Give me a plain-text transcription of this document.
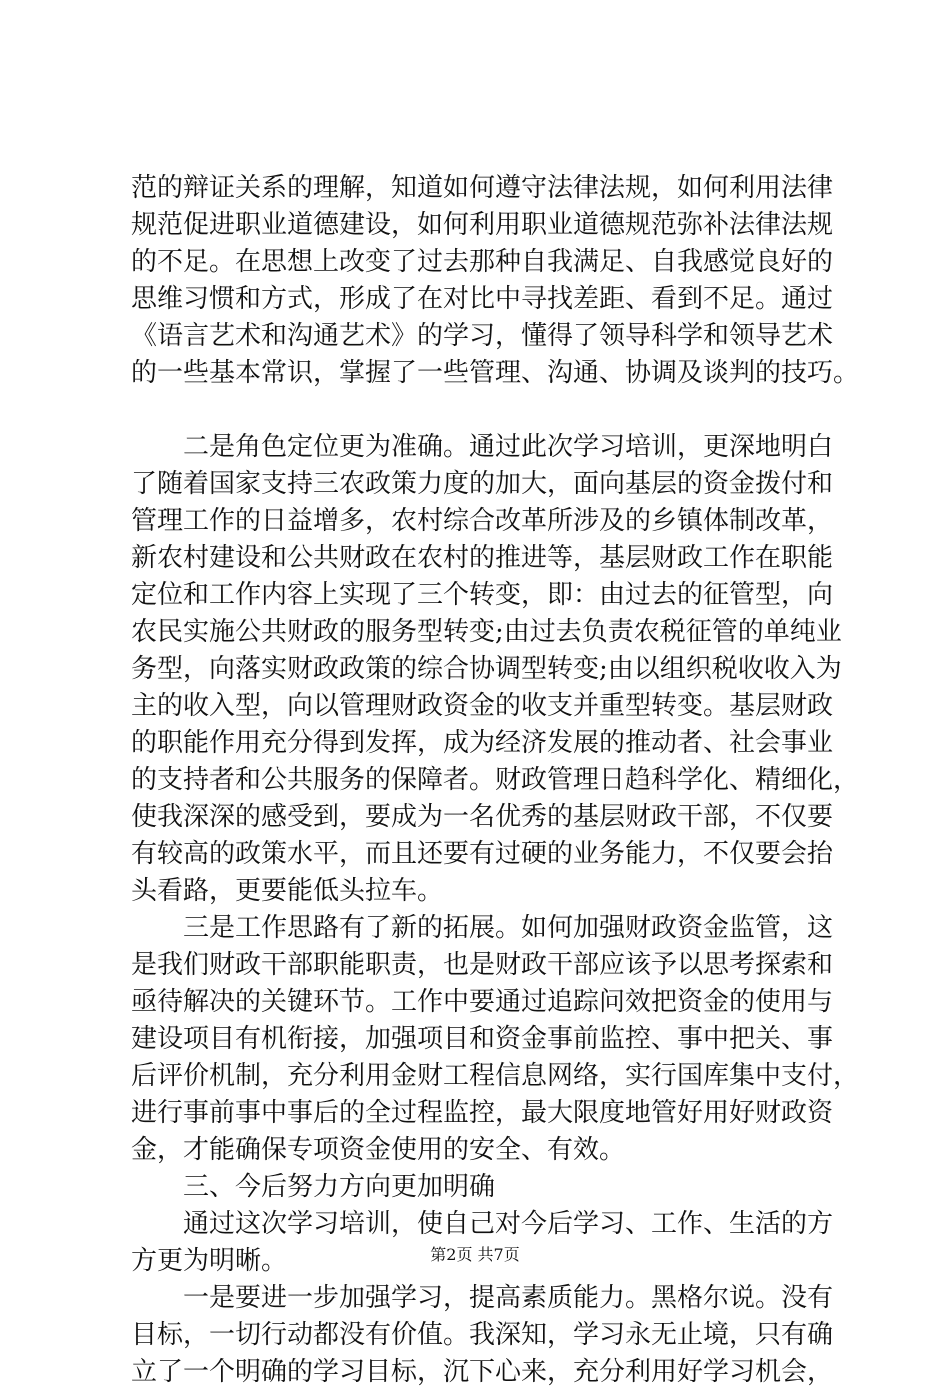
范的辩证关系的理解，知道如何遵守法律法规，如何利用法律
规范促进职业道德建设，如何利用职业道德规范弥补法律法规
的不足。在思想上改变了过去那种自我满足、自我感觉良好的
思维习惯和方式，形成了在对比中寻找差距、看到不足。通过
《语言艺术和沟通艺术》的学习，懂得了领导科学和领导艺术
的一些基本常识，掌握了一些管理、沟通、协调及谈判的技巧。
二是角色定位更为准确。通过此次学习培训，更深地明白
了随着国家支持三农政策力度的加大，面向基层的资金拨付和
管理工作的日益增多，农村综合改革所涉及的乡镇体制改革，
新农村建设和公共财政在农村的推进等，基层财政工作在职能
定位和工作内容上实现了三个转变，即：由过去的征管型，向
农民实施公共财政的服务型转变;由过去负责农税征管的单纯业
务型，向落实财政政策的综合协调型转变;由以组织税收收入为
主的收入型，向以管理财政资金的收支并重型转变。基层财政
的职能作用充分得到发挥，成为经济发展的推动者、社会事业
的支持者和公共服务的保障者。财政管理日趋科学化、精细化，
使我深深的感受到，要成为一名优秀的基层财政干部，不仅要
有较高的政策水平，而且还要有过硬的业务能力，不仅要会抬
头看路，更要能低头拉车。
三是工作思路有了新的拓展。如何加强财政资金监管，这
是我们财政干部职能职责，也是财政干部应该予以思考探索和
亟待解决的关键环节。工作中要通过追踪问效把资金的使用与
建设项目有机衔接，加强项目和资金事前监控、事中把关、事
后评价机制，充分利用金财工程信息网络，实行国库集中支付，
进行事前事中事后的全过程监控，最大限度地管好用好财政资
金，才能确保专项资金使用的安全、有效。
三、今后努力方向更加明确
通过这次学习培训，使自己对今后学习、工作、生活的方
方更为明晰。
一是要进一步加强学习，提高素质能力。黑格尔说。没有
目标，一切行动都没有价值。我深知，学习永无止境，只有确
立了一个明确的学习目标，沉下心来，充分利用好学习机会，
第2页 共7页
